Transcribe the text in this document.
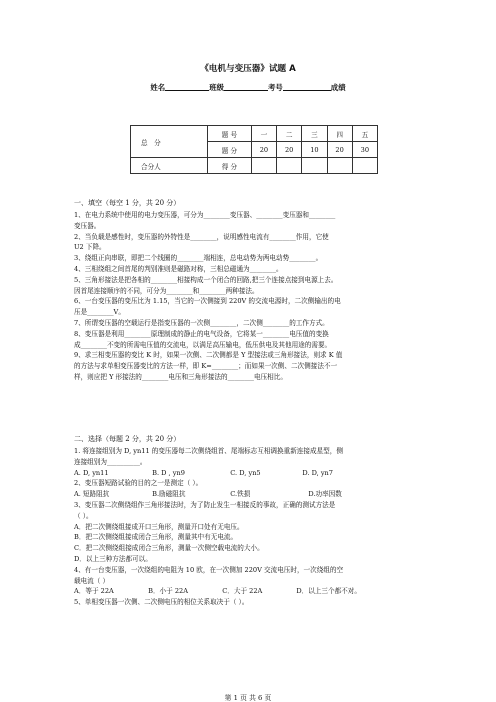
《电机与变压器》试题 A
姓名	班级	考号	成绩
总　分	题 号	一	二	三	四	五
	题 分	20	20	10	20	30
合分人	得 分					
一、填空（每空 1 分，共 20 分）
1、在电力系统中使用的电力变压器，可分为________变压器、________变压器和________
变压器。
2、当负载是感性时，变压器的外特性是________，说明感性电流有________作用，它使
U2 下降。
3、绕组正向串联，即把二个线圈的________端相连，总电动势为两电动势________。
4、三相绕组之间首尾的判别准则是磁路对称，三相总磁通为________。
5、三角形接法是把各相的________相接构成一个闭合的回路,把三个连接点接到电源上去。
因首尾连接顺序的不同，可分为________和________两种接法。
6、一台变压器的变压比为 1.15，当它的一次侧接到 220V 的交流电源时，二次侧输出的电
压是________V。
7、所谓变压器的空载运行是指变压器的一次侧________，二次侧________的工作方式。
8、变压器是利用________原理制成的静止的电气设备，它将某一________电压值的变换
成________不变的所需电压值的交流电，以满足高压输电，低压供电及其他用途的需要。
9、求三相变压器的变比 K 时，如果一次侧、二次侧都是 Y 型接法或三角形接法，则求 K 值
的方法与求单相变压器变比的方法一样，即 K=________；而如果一次侧、二次侧接法不一
样，则应把 Y 形接法的________电压和三角形接法的________电压相比。
二、选择（每题 2 分，共 20 分）
1. 将连接组别为 D, yn11 的变压器每二次侧绕组首、尾端标志互相调换重新连接成星型，侧
连接组别为__________。
A. D, yn11	B. D , yn9	C. D, yn5	D. D, yn7
2、变压器短路试验的目的之一是测定（ ）。
A. 短路阻抗	B.励磁阻抗	C.铁损	D.功率因数
3、变压器二次侧绕组作三角形接法时，为了防止发生一相接反的事故，正确的测试方法是
（ ）。
A．把二次侧绕组接成开口三角形，测量开口处有无电压。
B．把二次侧绕组接成闭合三角形，测量其中有无电流。
C．把二次侧绕组接成闭合三角形，测量一次侧空载电流的大小。
D．以上三种方法都可以。
4、有一台变压器，一次绕组的电阻为 10 欧，在一次侧加 220V 交流电压时，一次绕组的空
载电流（ ）
A．等于 22A	B．小于 22A	C．大于 22A	D．以上三个都不对。
5、单相变压器一次侧、二次侧电压的相位关系取决于（ ）。
第 1 页 共 6 页
